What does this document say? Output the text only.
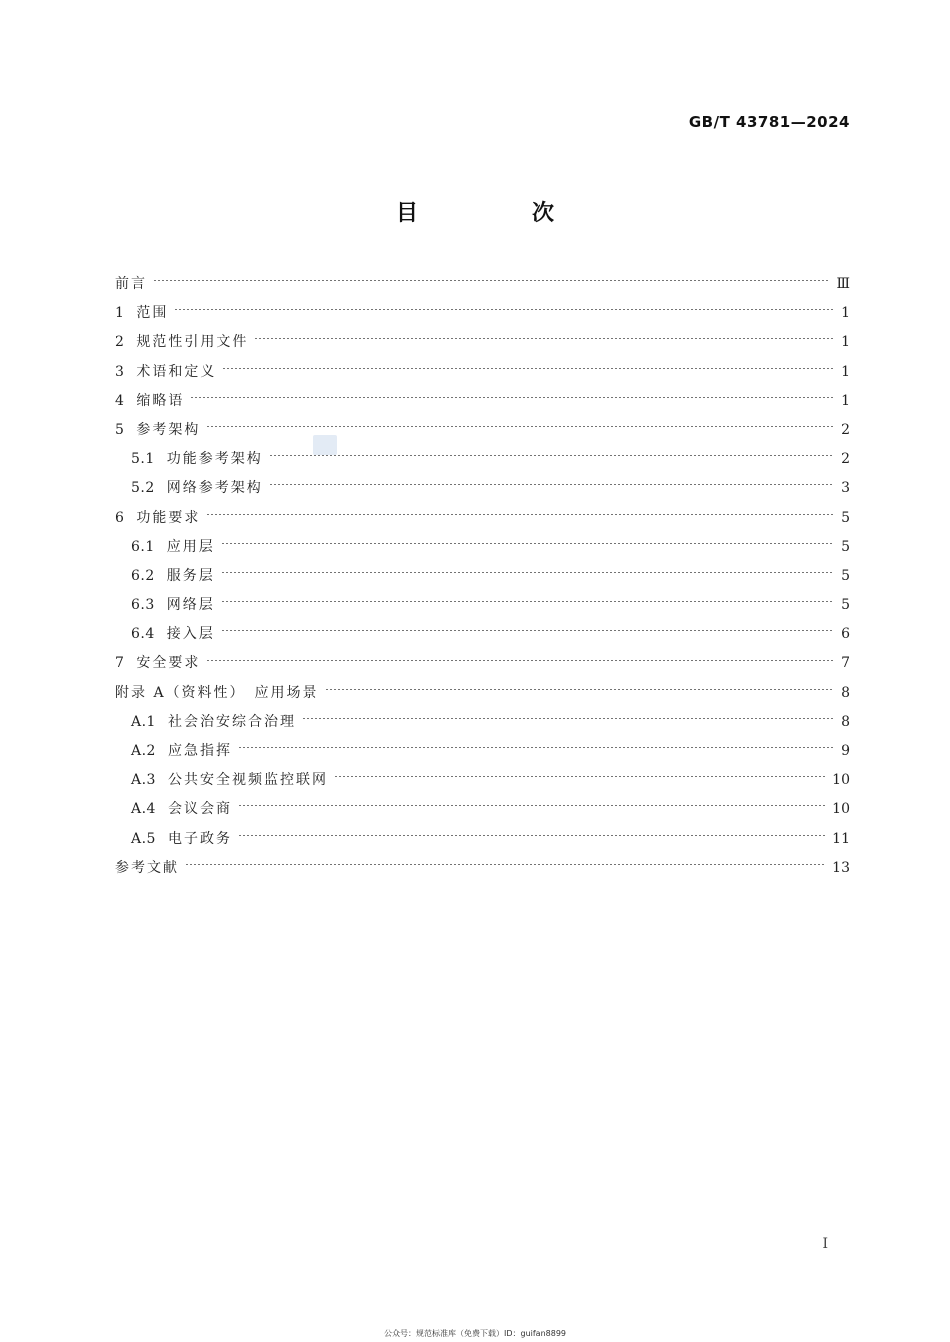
GB/T 43781—2024
目　次
前言	Ⅲ
1 范围	1
2 规范性引用文件	1
3 术语和定义	1
4 缩略语	1
5 参考架构	2
5.1 功能参考架构	2
5.2 网络参考架构	3
6 功能要求	5
6.1 应用层	5
6.2 服务层	5
6.3 网络层	5
6.4 接入层	6
7 安全要求	7
附录 A（资料性）　应用场景	8
A.1 社会治安综合治理	8
A.2 应急指挥	9
A.3 公共安全视频监控联网	10
A.4 会议会商	10
A.5 电子政务	11
参考文献	13
Ⅰ
公众号：规范标准库（免费下载）ID：guifan8899
